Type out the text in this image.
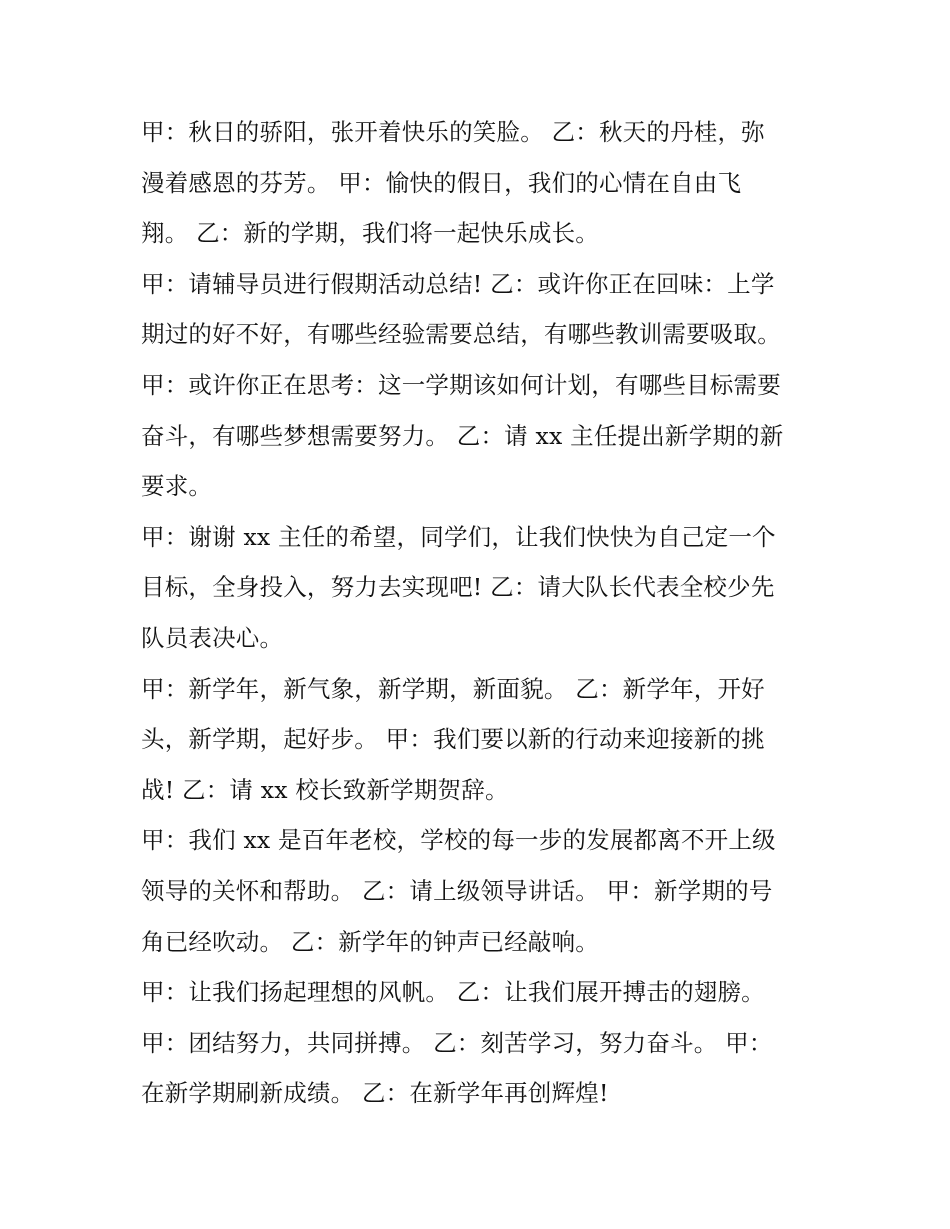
甲：秋日的骄阳，张开着快乐的笑脸。 乙：秋天的丹桂，弥
漫着感恩的芬芳。 甲：愉快的假日，我们的心情在自由飞
翔。 乙：新的学期，我们将一起快乐成长。
甲：请辅导员进行假期活动总结! 乙：或许你正在回味：上学
期过的好不好，有哪些经验需要总结，有哪些教训需要吸取。
甲：或许你正在思考：这一学期该如何计划，有哪些目标需要
奋斗，有哪些梦想需要努力。 乙：请 xx 主任提出新学期的新
要求。
甲：谢谢 xx 主任的希望，同学们，让我们快快为自己定一个
目标，全身投入，努力去实现吧! 乙：请大队长代表全校少先
队员表决心。
甲：新学年，新气象，新学期，新面貌。 乙：新学年，开好
头，新学期，起好步。 甲：我们要以新的行动来迎接新的挑
战! 乙：请 xx 校长致新学期贺辞。
甲：我们 xx 是百年老校，学校的每一步的发展都离不开上级
领导的关怀和帮助。 乙：请上级领导讲话。 甲：新学期的号
角已经吹动。 乙：新学年的钟声已经敲响。
甲：让我们扬起理想的风帆。 乙：让我们展开搏击的翅膀。
甲：团结努力，共同拼搏。 乙：刻苦学习，努力奋斗。 甲：
在新学期刷新成绩。 乙：在新学年再创辉煌!
